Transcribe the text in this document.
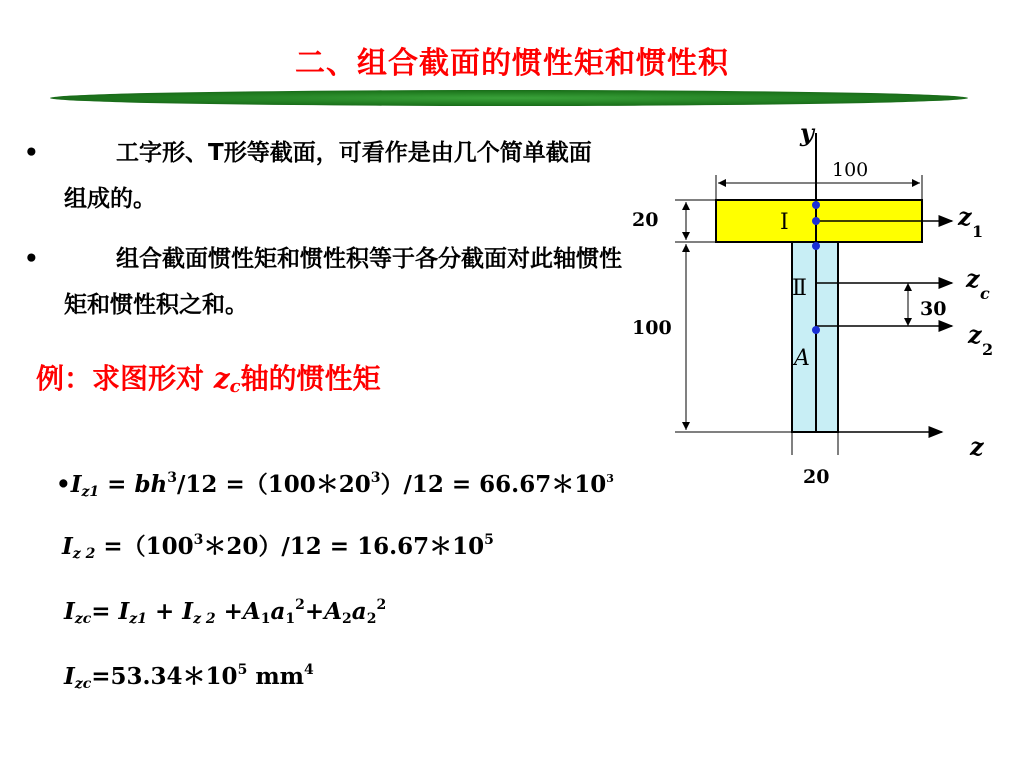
二、组合截面的惯性矩和惯性积
•	工字形、T形等截面，可看作是由几个简单截面组成的。
•	组合截面惯性矩和惯性积等于各分截面对此轴惯性矩和惯性积之和。
例：求图形对 $z_c$轴的惯性矩
$•I_{z1} = bh^3/12$ $=(100*20^3)/12$ = $66.67*10^3$
$I_{z 2}$ $=(100^3*20)/12$ = $16.67*10^5$
$I_{zc}= I_{z1} + I_{z 2} +A_1a_1^2+A_2a_2^2$
$I_{zc}=53.34*10^5$ $mm^4$
y
100
20
100
30
20
I
Ⅱ
A
z
1
z
c
z
2
z
